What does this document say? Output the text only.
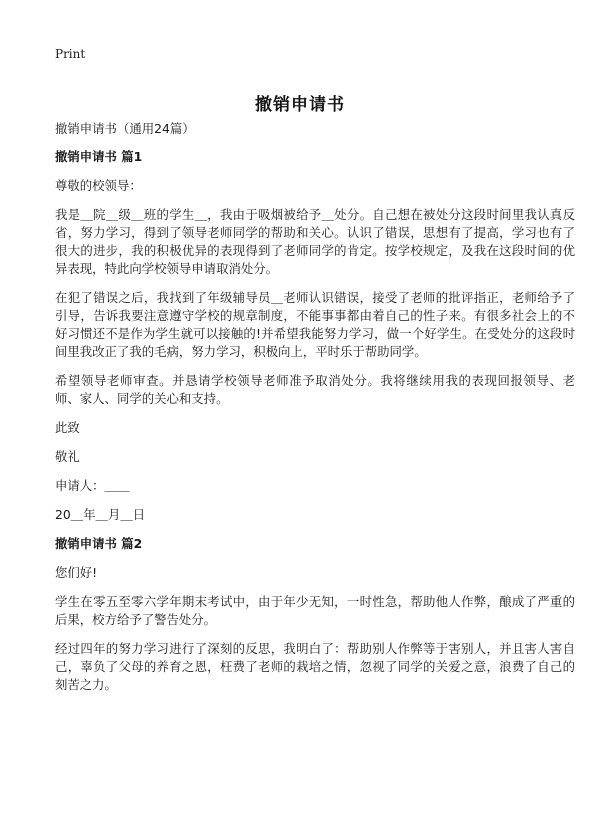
Print
撤销申请书

撤销申请书（通用24篇）

撤销申请书 篇1

尊敬的校领导：

我是＿院＿级＿班的学生＿，我由于吸烟被给予＿处分。自己想在被处分这段时间里我认真反省，努力学习，得到了领导老师同学的帮助和关心。认识了错误，思想有了提高，学习也有了很大的进步，我的积极优异的表现得到了老师同学的肯定。按学校规定，及我在这段时间的优异表现，特此向学校领导申请取消处分。

在犯了错误之后，我找到了年级辅导员＿老师认识错误，接受了老师的批评指正，老师给予了引导，告诉我要注意遵守学校的规章制度，不能事事都由着自己的性子来。有很多社会上的不好习惯还不是作为学生就可以接触的!并希望我能努力学习，做一个好学生。在受处分的这段时间里我改正了我的毛病，努力学习，积极向上，平时乐于帮助同学。

希望领导老师审查。并恳请学校领导老师准予取消处分。我将继续用我的表现回报领导、老师、家人、同学的关心和支持。

此致

敬礼

申请人：＿＿

20＿年＿月＿日

撤销申请书 篇2

您们好!

学生在零五至零六学年期末考试中，由于年少无知，一时性急，帮助他人作弊，酿成了严重的后果，校方给予了警告处分。

经过四年的努力学习进行了深刻的反思，我明白了：帮助别人作弊等于害别人，并且害人害自己，辜负了父母的养育之恩，枉费了老师的栽培之情，忽视了同学的关爱之意，浪费了自己的刻苦之力。
